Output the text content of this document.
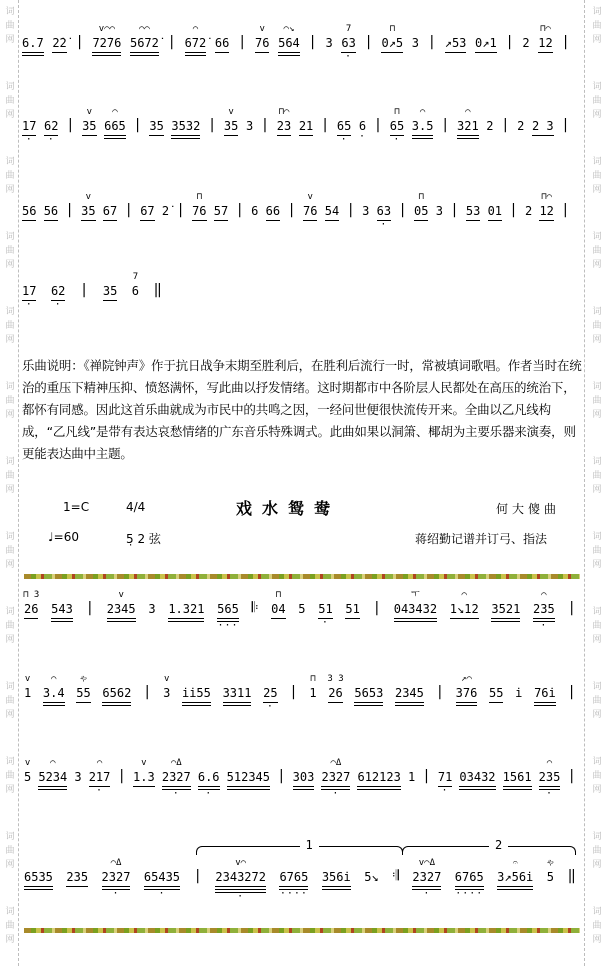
6.7 2̇2̇ |
v⌒⌒
72̇76
⌒⌒
5672̇ |
⌒
672̇ 66 |
v
76
⌒↘
564 | 3
7
63
·
|
⊓
0↗5 3 | ↗53 0↗1 | 2
⊓⌒
12 |
17
·
62
·
|
v
35
⌒
665 | 35 3532 |
v
35 3 |
⊓⌒
23 21 | 65
·
6
·
|
⊓
65
·
⌒
3.5 |
⌒
321 2 | 2 2 3 |
56 56 |
v
35 67 | 67 2̇ |
⊓
76 57 | 6 66 |
v
76 54 | 3 63
·
|
⊓
05 3 | 53 01 | 2
⊓⌒
12 |
17
·
62
·
| 35
7
6 ‖
乐曲说明：《禅院钟声》作于抗日战争末期至胜利后，在胜利后流行一时，常被填词歌唱。作者当时在统治的重压下精神压抑、愤怒满怀，写此曲以抒发情绪。这时期都市中各阶层人民都处在高压的统治下，都怀有同感。因此这首乐曲就成为市民中的共鸣之因，一经问世便很快流传开来。全曲以乙凡线构成，“乙凡线”是带有表达哀愁情绪的广东音乐特殊调式。此曲如果以洞箫、椰胡为主要乐器来演奏，则更能表达曲中主题。
1=C	4/4	戏水鸳鸯	何大傻曲
♩=60	5̣ 2 弦	蒋绍勤记谱并订弓、指法
⊓ 3
26 543 |
v
2345 3 1.321 565
···
𝄆
⊓
04 5 51
·
51 |
ㅜ
043432
⌒
1↘12 3521
⌒
235
·
|
v
1
⌒
3.4
ゃ
55 6562 |
v
3 i̇i̇55 3311 25
·
|
⊓
1
3 3
26 5653 2345 |
↗⌒
376 55 i̇ 76i̇ |
v
5
⌒
5234 3
⌒
217
·
|
v
1.3
⌒Δ
2327
·
6.6
·
512345 | 303
⌒Δ
2327
·
612123 1 | 71
·
03432 1561
⌒
235
·
|
1	2
6535 235
⌒Δ
2327
·
65435
·
|
v⌒
2343272
·
6765
····
356i̇ 5↘ 𝄇
v⌒Δ
2327
·
6765
····
𝄐
3↗56i̇
ゃ
5 ‖
词
曲
网
词
曲
网
词
曲
网
词
曲
网
词
曲
网
词
曲
网
词
曲
网
词
曲
网
词
曲
网
词
曲
网
词
曲
网
词
曲
网
词
曲
网
词
曲
网
词
曲
网
词
曲
网
词
曲
网
词
曲
网
词
曲
网
词
曲
网
词
曲
网
词
曲
网
词
曲
网
词
曲
网
词
曲
网
词
曲
网
